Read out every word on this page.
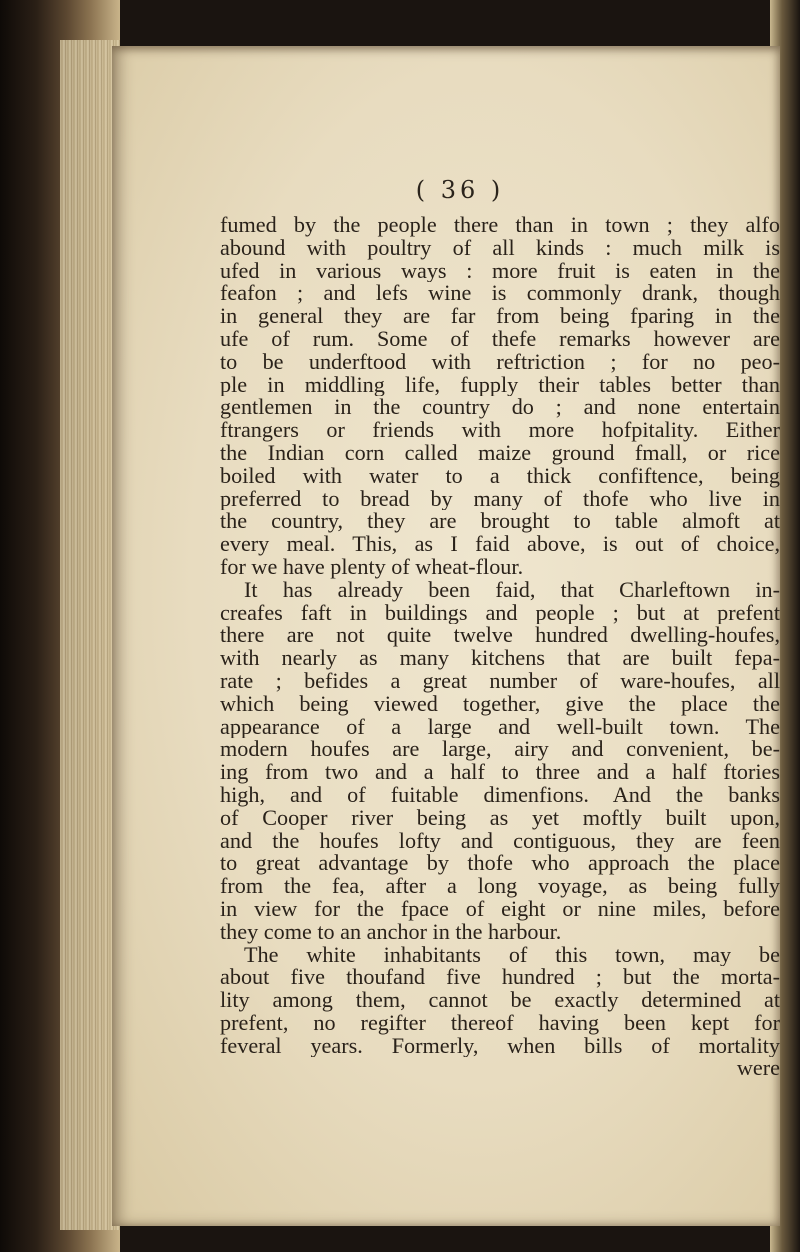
( 36 )
fumed by the people there than in town ; they alfo
abound with poultry of all kinds : much milk is
ufed in various ways : more fruit is eaten in the
feafon ; and lefs wine is commonly drank, though
in general they are far from being fparing in the
ufe of rum. Some of thefe remarks however are
to be underftood with reftriction ; for no peo-
ple in middling life, fupply their tables better than
gentlemen in the country do ; and none entertain
ftrangers or friends with more hofpitality. Either
the Indian corn called maize ground fmall, or rice
boiled with water to a thick confiftence, being
preferred to bread by many of thofe who live in
the country, they are brought to table almoft at
every meal. This, as I faid above, is out of choice,
for we have plenty of wheat-flour.
It has already been faid, that Charleftown in-
creafes faft in buildings and people ; but at prefent
there are not quite twelve hundred dwelling-houfes,
with nearly as many kitchens that are built fepa-
rate ; befides a great number of ware-houfes, all
which being viewed together, give the place the
appearance of a large and well-built town. The
modern houfes are large, airy and convenient, be-
ing from two and a half to three and a half ftories
high, and of fuitable dimenfions. And the banks
of Cooper river being as yet moftly built upon,
and the houfes lofty and contiguous, they are feen
to great advantage by thofe who approach the place
from the fea, after a long voyage, as being fully
in view for the fpace of eight or nine miles, before
they come to an anchor in the harbour.
The white inhabitants of this town, may be
about five thoufand five hundred ; but the morta-
lity among them, cannot be exactly determined at
prefent, no regifter thereof having been kept for
feveral years. Formerly, when bills of mortality
were
